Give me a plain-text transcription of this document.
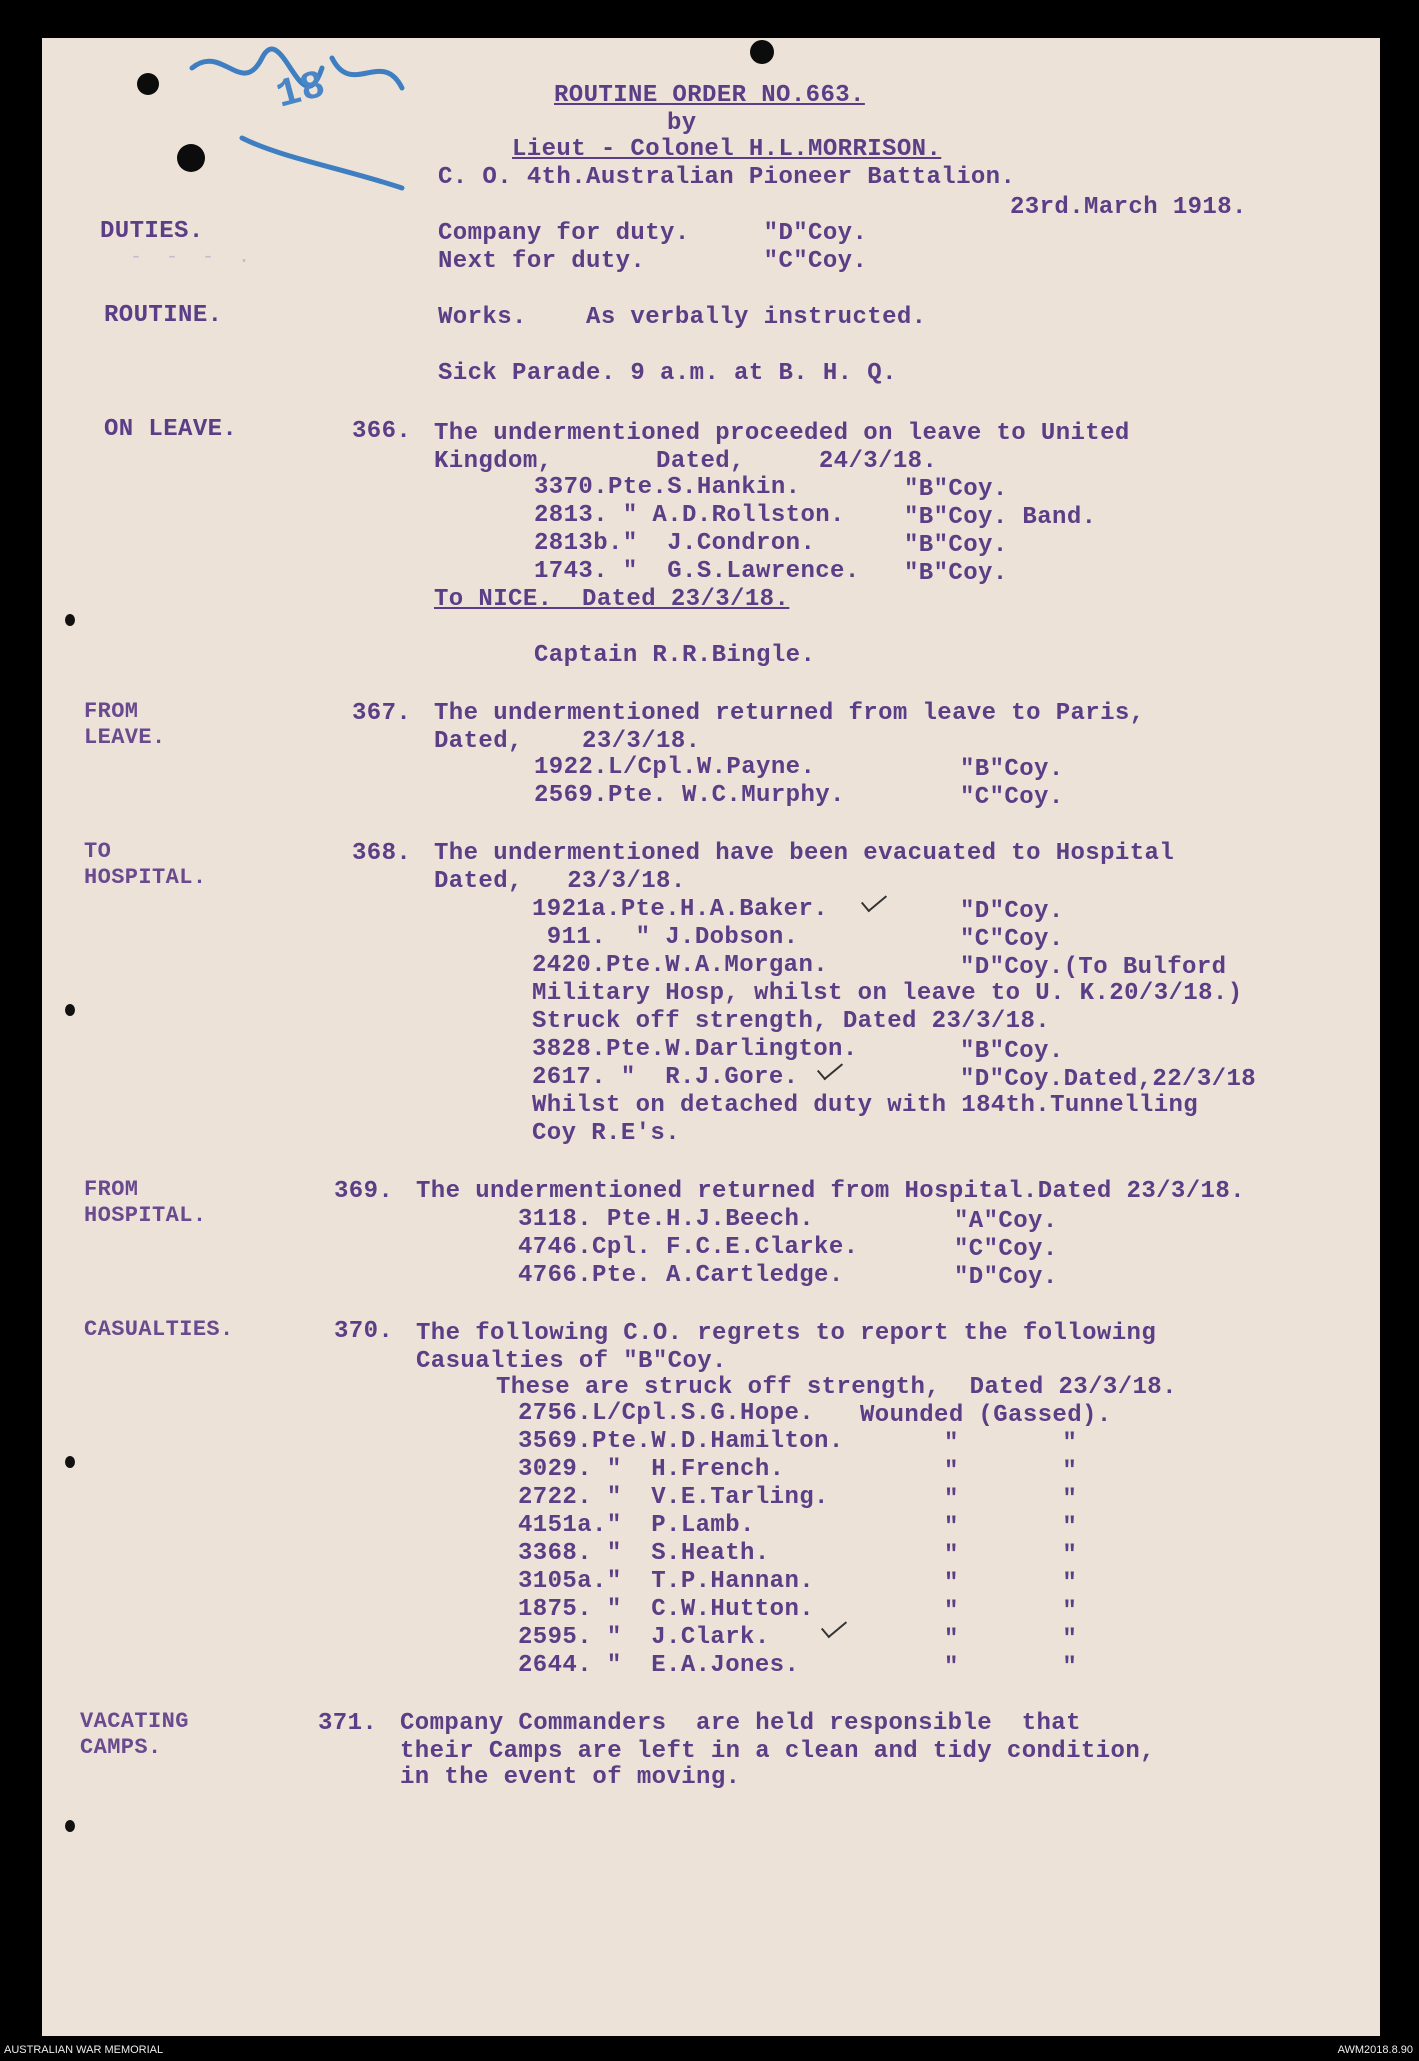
18	ROUTINE ORDER NO.663.
by
Lieut - Colonel H.L.MORRISON.
C. O. 4th.Australian Pioneer Battalion.
23rd.March 1918.
DUTIES.
-  -  -  .
Company for duty.     "D"Coy.
Next for duty.        "C"Coy.
ROUTINE.	Works.    As verbally instructed.
Sick Parade. 9 a.m. at B. H. Q.
ON LEAVE.	366. The undermentioned proceeded on leave to United
Kingdom,       Dated,     24/3/18.
3370.Pte.S.Hankin.	"B"Coy.
2813. " A.D.Rollston. "B"Coy. Band.
2813b."  J.Condron.	"B"Coy.
1743. "  G.S.Lawrence. "B"Coy.
To NICE.  Dated 23/3/18.
Captain R.R.Bingle.
FROM
LEAVE.
367. The undermentioned returned from leave to Paris,
Dated,    23/3/18.
1922.L/Cpl.W.Payne.	"B"Coy.
2569.Pte. W.C.Murphy.	"C"Coy.
TO
HOSPITAL.
368. The undermentioned have been evacuated to Hospital
Dated,   23/3/18.
1921a.Pte.H.A.Baker.	"D"Coy.
911.  " J.Dobson.	"C"Coy.
2420.Pte.W.A.Morgan.	"D"Coy.(To Bulford
Military Hosp, whilst on leave to U. K.20/3/18.)
Struck off strength, Dated 23/3/18.
3828.Pte.W.Darlington.	"B"Coy.
2617. "  R.J.Gore.	"D"Coy.Dated,22/3/18
Whilst on detached duty with 184th.Tunnelling
Coy R.E's.
FROM
HOSPITAL.
369. The undermentioned returned from Hospital.Dated 23/3/18.
3118. Pte.H.J.Beech.	"A"Coy.
4746.Cpl. F.C.E.Clarke.	"C"Coy.
4766.Pte. A.Cartledge.	"D"Coy.
CASUALTIES.	370. The following C.O. regrets to report the following
Casualties of "B"Coy.
These are struck off strength,  Dated 23/3/18.
2756.L/Cpl.S.G.Hope. Wounded (Gassed).
3569.Pte.W.D.Hamilton.	"       "
3029. "  H.French.	"       "
2722. "  V.E.Tarling.	"       "
4151a."  P.Lamb.	"       "
3368. "  S.Heath.	"       "
3105a."  T.P.Hannan.	"       "
1875. "  C.W.Hutton.	"       "
2595. "  J.Clark.	"       "
2644. "  E.A.Jones.	"       "
VACATING
CAMPS.
371. Company Commanders  are held responsible  that
their Camps are left in a clean and tidy condition,
in the event of moving.
AUSTRALIAN WAR MEMORIAL	AWM2018.8.90
